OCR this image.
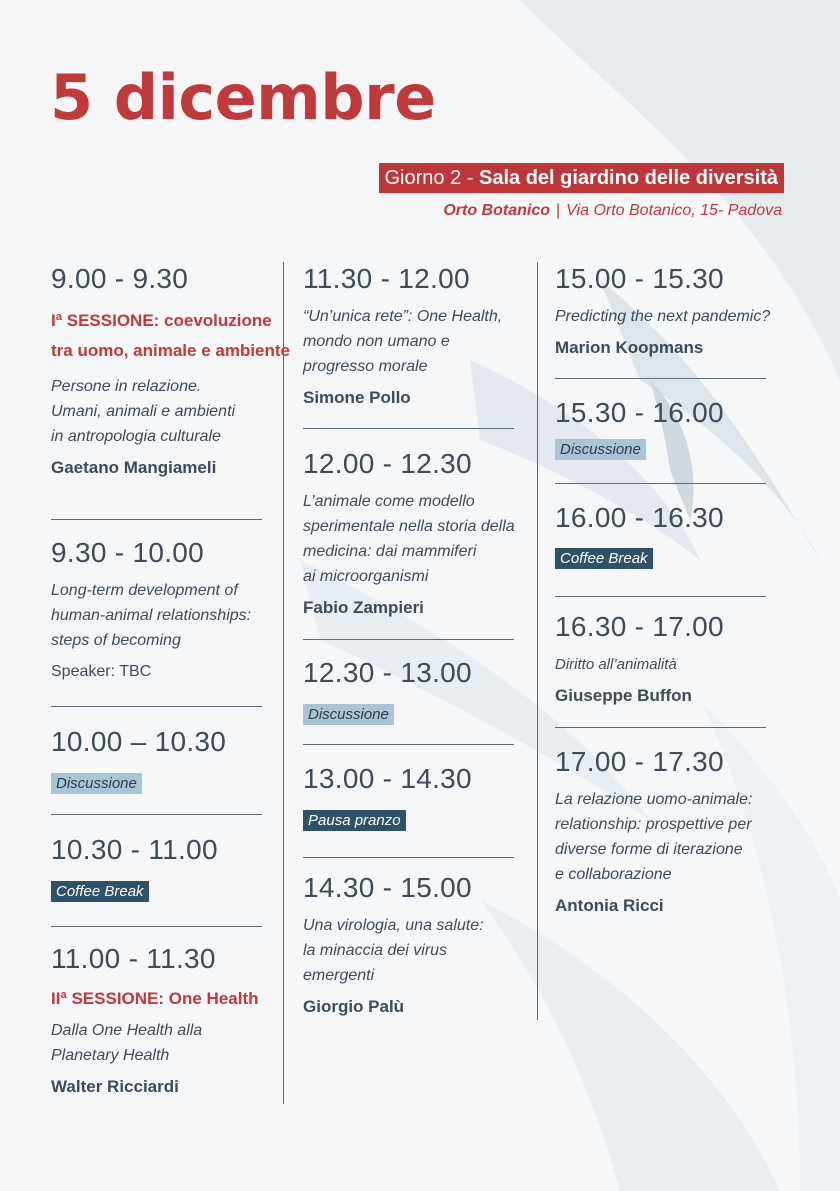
5 dicembre
Giorno 2 - Sala del giardino delle diversità
Orto Botanico | Via Orto Botanico, 15- Padova
9.00 - 9.30
Iª SESSIONE: coevoluzione tra uomo, animale e ambiente
Persone in relazione.
Umani, animali e ambienti
in antropologia culturale
Gaetano Mangiameli
9.30 - 10.00
Long-term development of
human-animal relationships:
steps of becoming
Speaker: TBC
10.00 – 10.30
Discussione
10.30 - 11.00
Coffee Break
11.00 - 11.30
IIª SESSIONE: One Health
Dalla One Health alla
Planetary Health
Walter Ricciardi
11.30 - 12.00
“Un’unica rete”: One Health,
mondo non umano e
progresso morale
Simone Pollo
12.00 - 12.30
L’animale come modello
sperimentale nella storia della
medicina: dai mammiferi
ai microorganismi
Fabio Zampieri
12.30 - 13.00
Discussione
13.00 - 14.30
Pausa pranzo
14.30 - 15.00
Una virologia, una salute:
la minaccia dei virus
emergenti
Giorgio Palù
15.00 - 15.30
Predicting the next pandemic?
Marion Koopmans
15.30 - 16.00
Discussione
16.00 - 16.30
Coffee Break
16.30 - 17.00
Diritto all’animalità
Giuseppe Buffon
17.00 - 17.30
La relazione uomo-animale:
relationship: prospettive per
diverse forme di iterazione
e collaborazione
Antonia Ricci
